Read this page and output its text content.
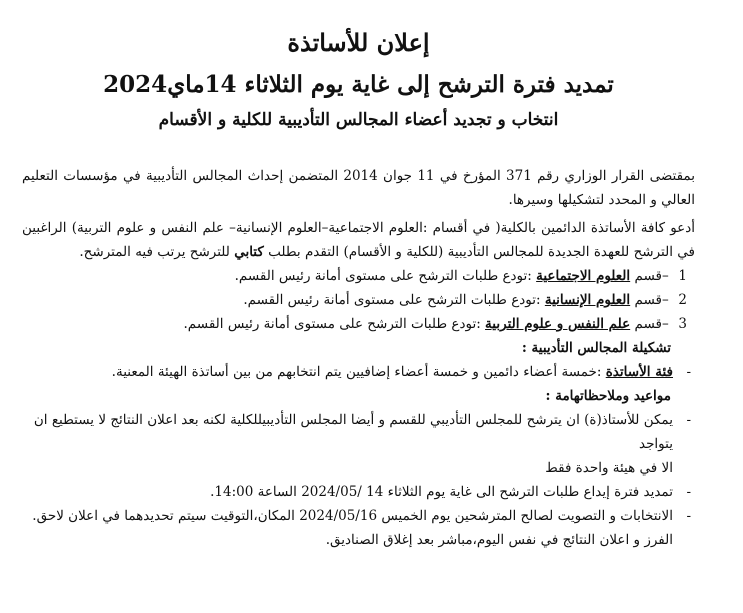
إعلان للأساتذة
تمديد فترة الترشح إلى غاية يوم الثلاثاء 14ماي2024
انتخاب و تجديد أعضاء المجالس التأديبية للكلية و الأقسام

بمقتضى القرار الوزاري رقم 371 المؤرخ في 11 جوان 2014 المتضمن إحداث المجالس التأديبية في مؤسسات التعليم العالي و المحدد لتشكيلها وسيرها.

أدعو كافة الأساتذة الدائمين بالكلية( في أقسام :العلوم الاجتماعية–العلوم الإنسانية– علم النفس و علوم التربية) الراغبين في الترشح للعهدة الجديدة للمجالس التأديبية (للكلية و الأقسام) التقدم بطلب كتابي للترشح يرتب فيه المترشح.

1 –قسم العلوم الاجتماعية :تودع طلبات الترشح على مستوى أمانة رئيس القسم.
2 –قسم العلوم الإنسانية :تودع طلبات الترشح على مستوى أمانة رئيس القسم.
3 –قسم علم النفس و علوم التربية :تودع طلبات الترشح على مستوى أمانة رئيس القسم.
تشكيلة المجالس التأديبية :
- فئة الأساتذة :خمسة أعضاء دائمين و خمسة أعضاء إضافيين يتم انتخابهم من بين أساتذة الهيئة المعنية.
مواعيد وملاحظاتهامة :
- يمكن للأستاذ(ة) ان يترشح للمجلس التأديبي للقسم و أيضا المجلس التأديبيللكلية لكنه بعد اعلان النتائج لا يستطيع ان يتواجد
الا في هيئة واحدة فقط
- تمديد فترة إيداع طلبات الترشح الى غاية يوم الثلاثاء 14 /2024/05 الساعة 14:00.
- الانتخابات و التصويت لصالح المترشحين يوم الخميس 2024/05/16 المكان،التوقيت سيتم تحديدهما في اعلان لاحق.
الفرز و اعلان النتائج في نفس اليوم،مباشر بعد إغلاق الصناديق.
